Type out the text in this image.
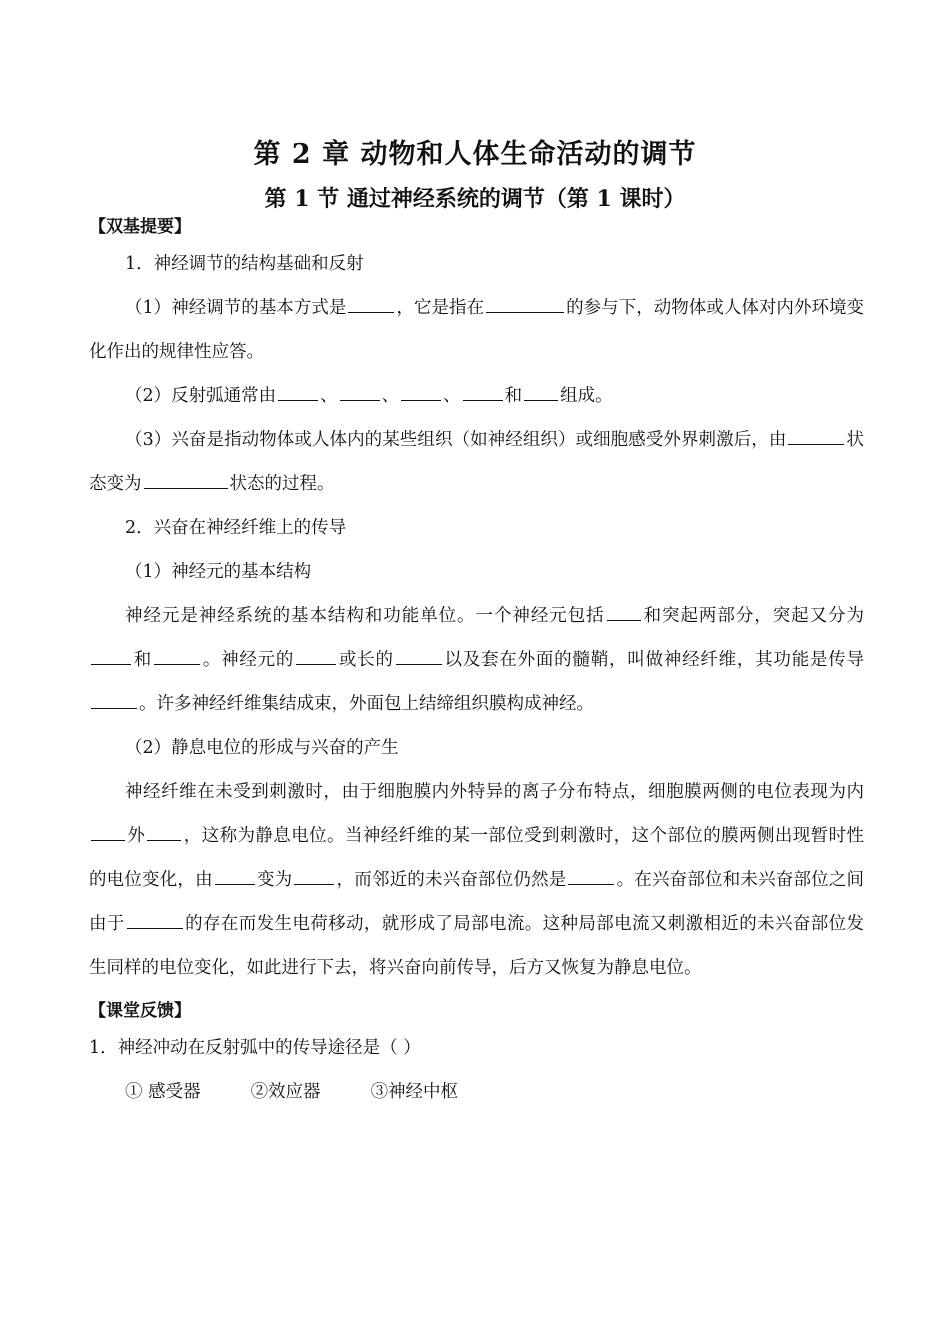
第 2 章 动物和人体生命活动的调节
第 1 节 通过神经系统的调节（第 1 课时）

【双基提要】

1．神经调节的结构基础和反射

（1）神经调节的基本方式是	，它是指在	的参与下，动物体或人体对内外环境变化作出的规律性应答。

（2）反射弧通常由	、	、	、	和 组成。

（3）兴奋是指动物体或人体内的某些组织（如神经组织）或细胞感受外界刺激后，由	状态变为	状态的过程。

2．兴奋在神经纤维上的传导

（1）神经元的基本结构

神经元是神经系统的基本结构和功能单位。一个神经元包括 和突起两部分，突起又分为和	。神经元的	或长的	以及套在外面的髓鞘，叫做神经纤维，其功能是传导。许多神经纤维集结成束，外面包上结缔组织膜构成神经。

（2）静息电位的形成与兴奋的产生

神经纤维在未受到刺激时，由于细胞膜内外特异的离子分布特点，细胞膜两侧的电位表现为内外 ，这称为静息电位。当神经纤维的某一部位受到刺激时，这个部位的膜两侧出现暂时性的电位变化，由	变为	，而邻近的未兴奋部位仍然是	。在兴奋部位和未兴奋部位之间由于	的存在而发生电荷移动，就形成了局部电流。这种局部电流又刺激相近的未兴奋部位发生同样的电位变化，如此进行下去，将兴奋向前传导，后方又恢复为静息电位。

【课堂反馈】

1．神经冲动在反射弧中的传导途径是（ ）

① 感受器	②效应器	③神经中枢
